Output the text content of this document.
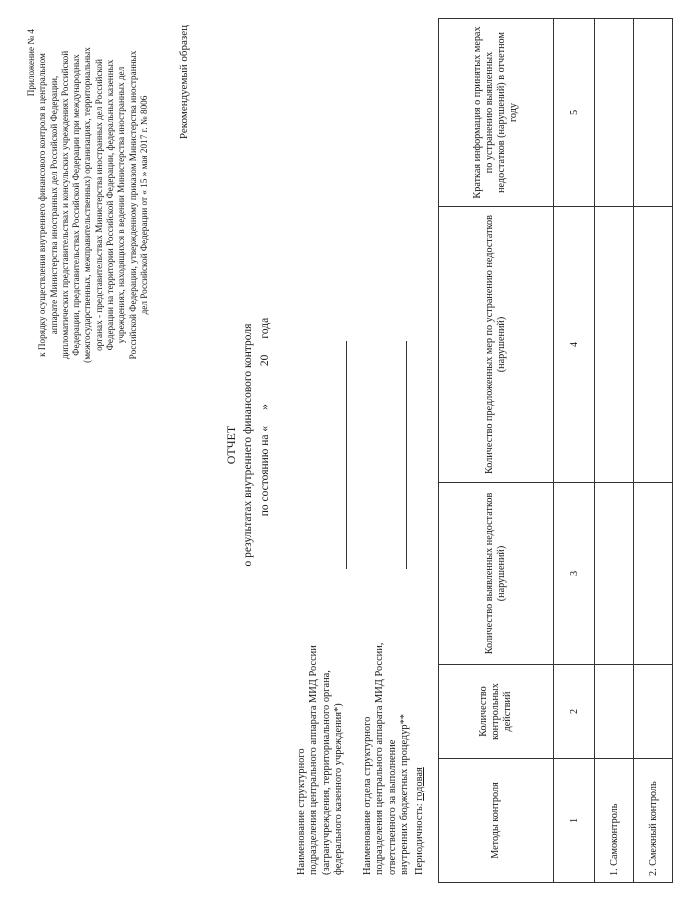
Приложение № 4 к Порядку осуществления внутреннего финансового контроля в центральном аппарате Министерства иностранных дел Российской Федерации, дипломатических представительствах и консульских учреждениях Российской Федерации, представительствах Российской Федерации при международных (межгосударственных, межправительственных) организациях, территориальных органах - представительствах Министерства иностранных дел Российской Федерации на территории Российской Федерации, федеральных казенных учреждениях, находящихся в ведении Министерства иностранных дел Российской Федерации, утвержденному приказом Министерства иностранных дел Российской Федерации от « 15 » мая 2017 г. № 8006
Рекомендуемый образец
ОТЧЕТ о результатах внутреннего финансового контроля по состоянию на «»20года
Наименование структурного подразделения центрального аппарата МИД России (загранучреждения, территориального органа, федерального казенного учреждения*) Наименование отдела структурного подразделения центрального аппарата МИД России, ответственного за выполнение внутренних бюджетных процедур** Периодичность: годовая	Методы контроля	Количество контрольных действий	Количество выявленных недостатков (нарушений)	Количество предложенных мер по устранению недостатков (нарушений)	Краткая информация о принятых мерах по устранению выявленных недостатков (нарушений) в отчетном году
1	2	3	4	5
1. Самоконтроль				
2. Смежный контроль				
